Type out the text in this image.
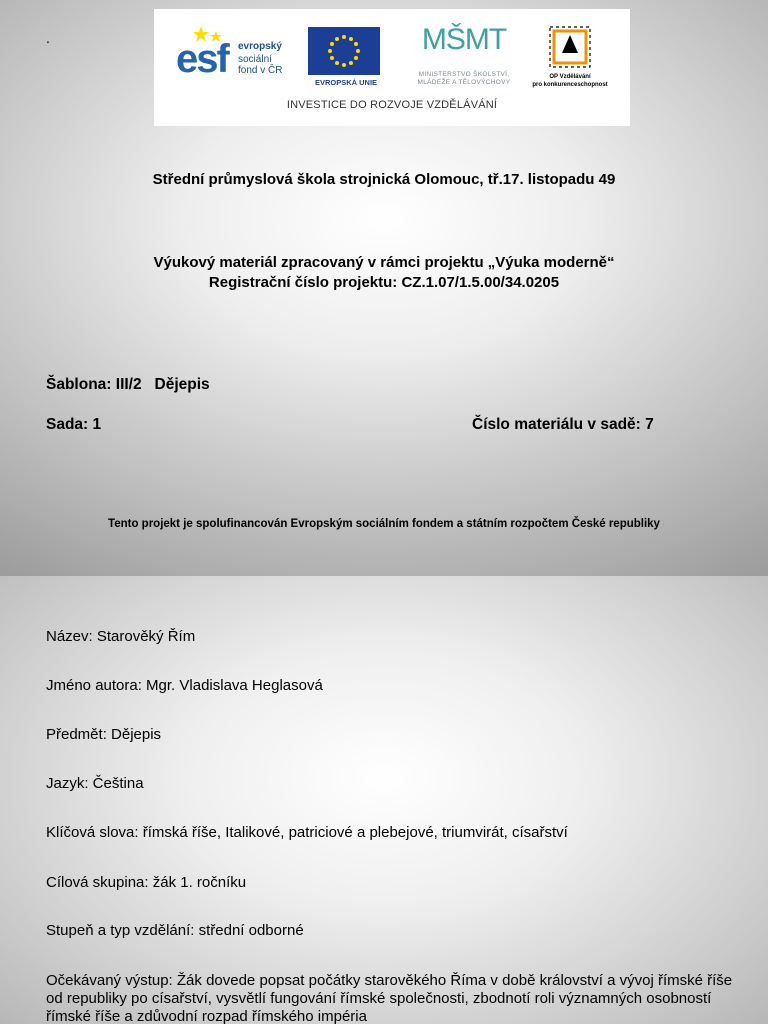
.	esf evropský
sociální
fond v ČR
EVROPSKÁ UNIE
MŠMT
MINISTERSTVO ŠKOLSTVÍ,
MLÁDEŽE A TĚLOVÝCHOVY
OP Vzdělávání
pro konkurenceschopnost
INVESTICE DO ROZVOJE VZDĚLÁVÁNÍ
Střední průmyslová škola strojnická Olomouc, tř.17. listopadu 49
Výukový materiál zpracovaný v rámci projektu „Výuka moderně“
Registrační číslo projektu: CZ.1.07/1.5.00/34.0205
Šablona: III/2   Dějepis
Sada: 1	Číslo materiálu v sadě: 7
Tento projekt je spolufinancován Evropským sociálním fondem a státním rozpočtem České republiky
Název: Starověký Řím
Jméno autora: Mgr. Vladislava Heglasová
Předmět: Dějepis
Jazyk: Čeština
Klíčová slova: římská říše, Italikové, patriciové a plebejové, triumvirát, císařství
Cílová skupina: žák 1. ročníku
Stupeň a typ vzdělání: střední odborné
Očekávaný výstup: Žák dovede popsat počátky starověkého Říma v době království a vývoj římské říše od republiky po císařství, vysvětlí fungování římské společnosti, zbodnotí roli významných osobností římské říše a zdůvodní rozpad římského impéria
